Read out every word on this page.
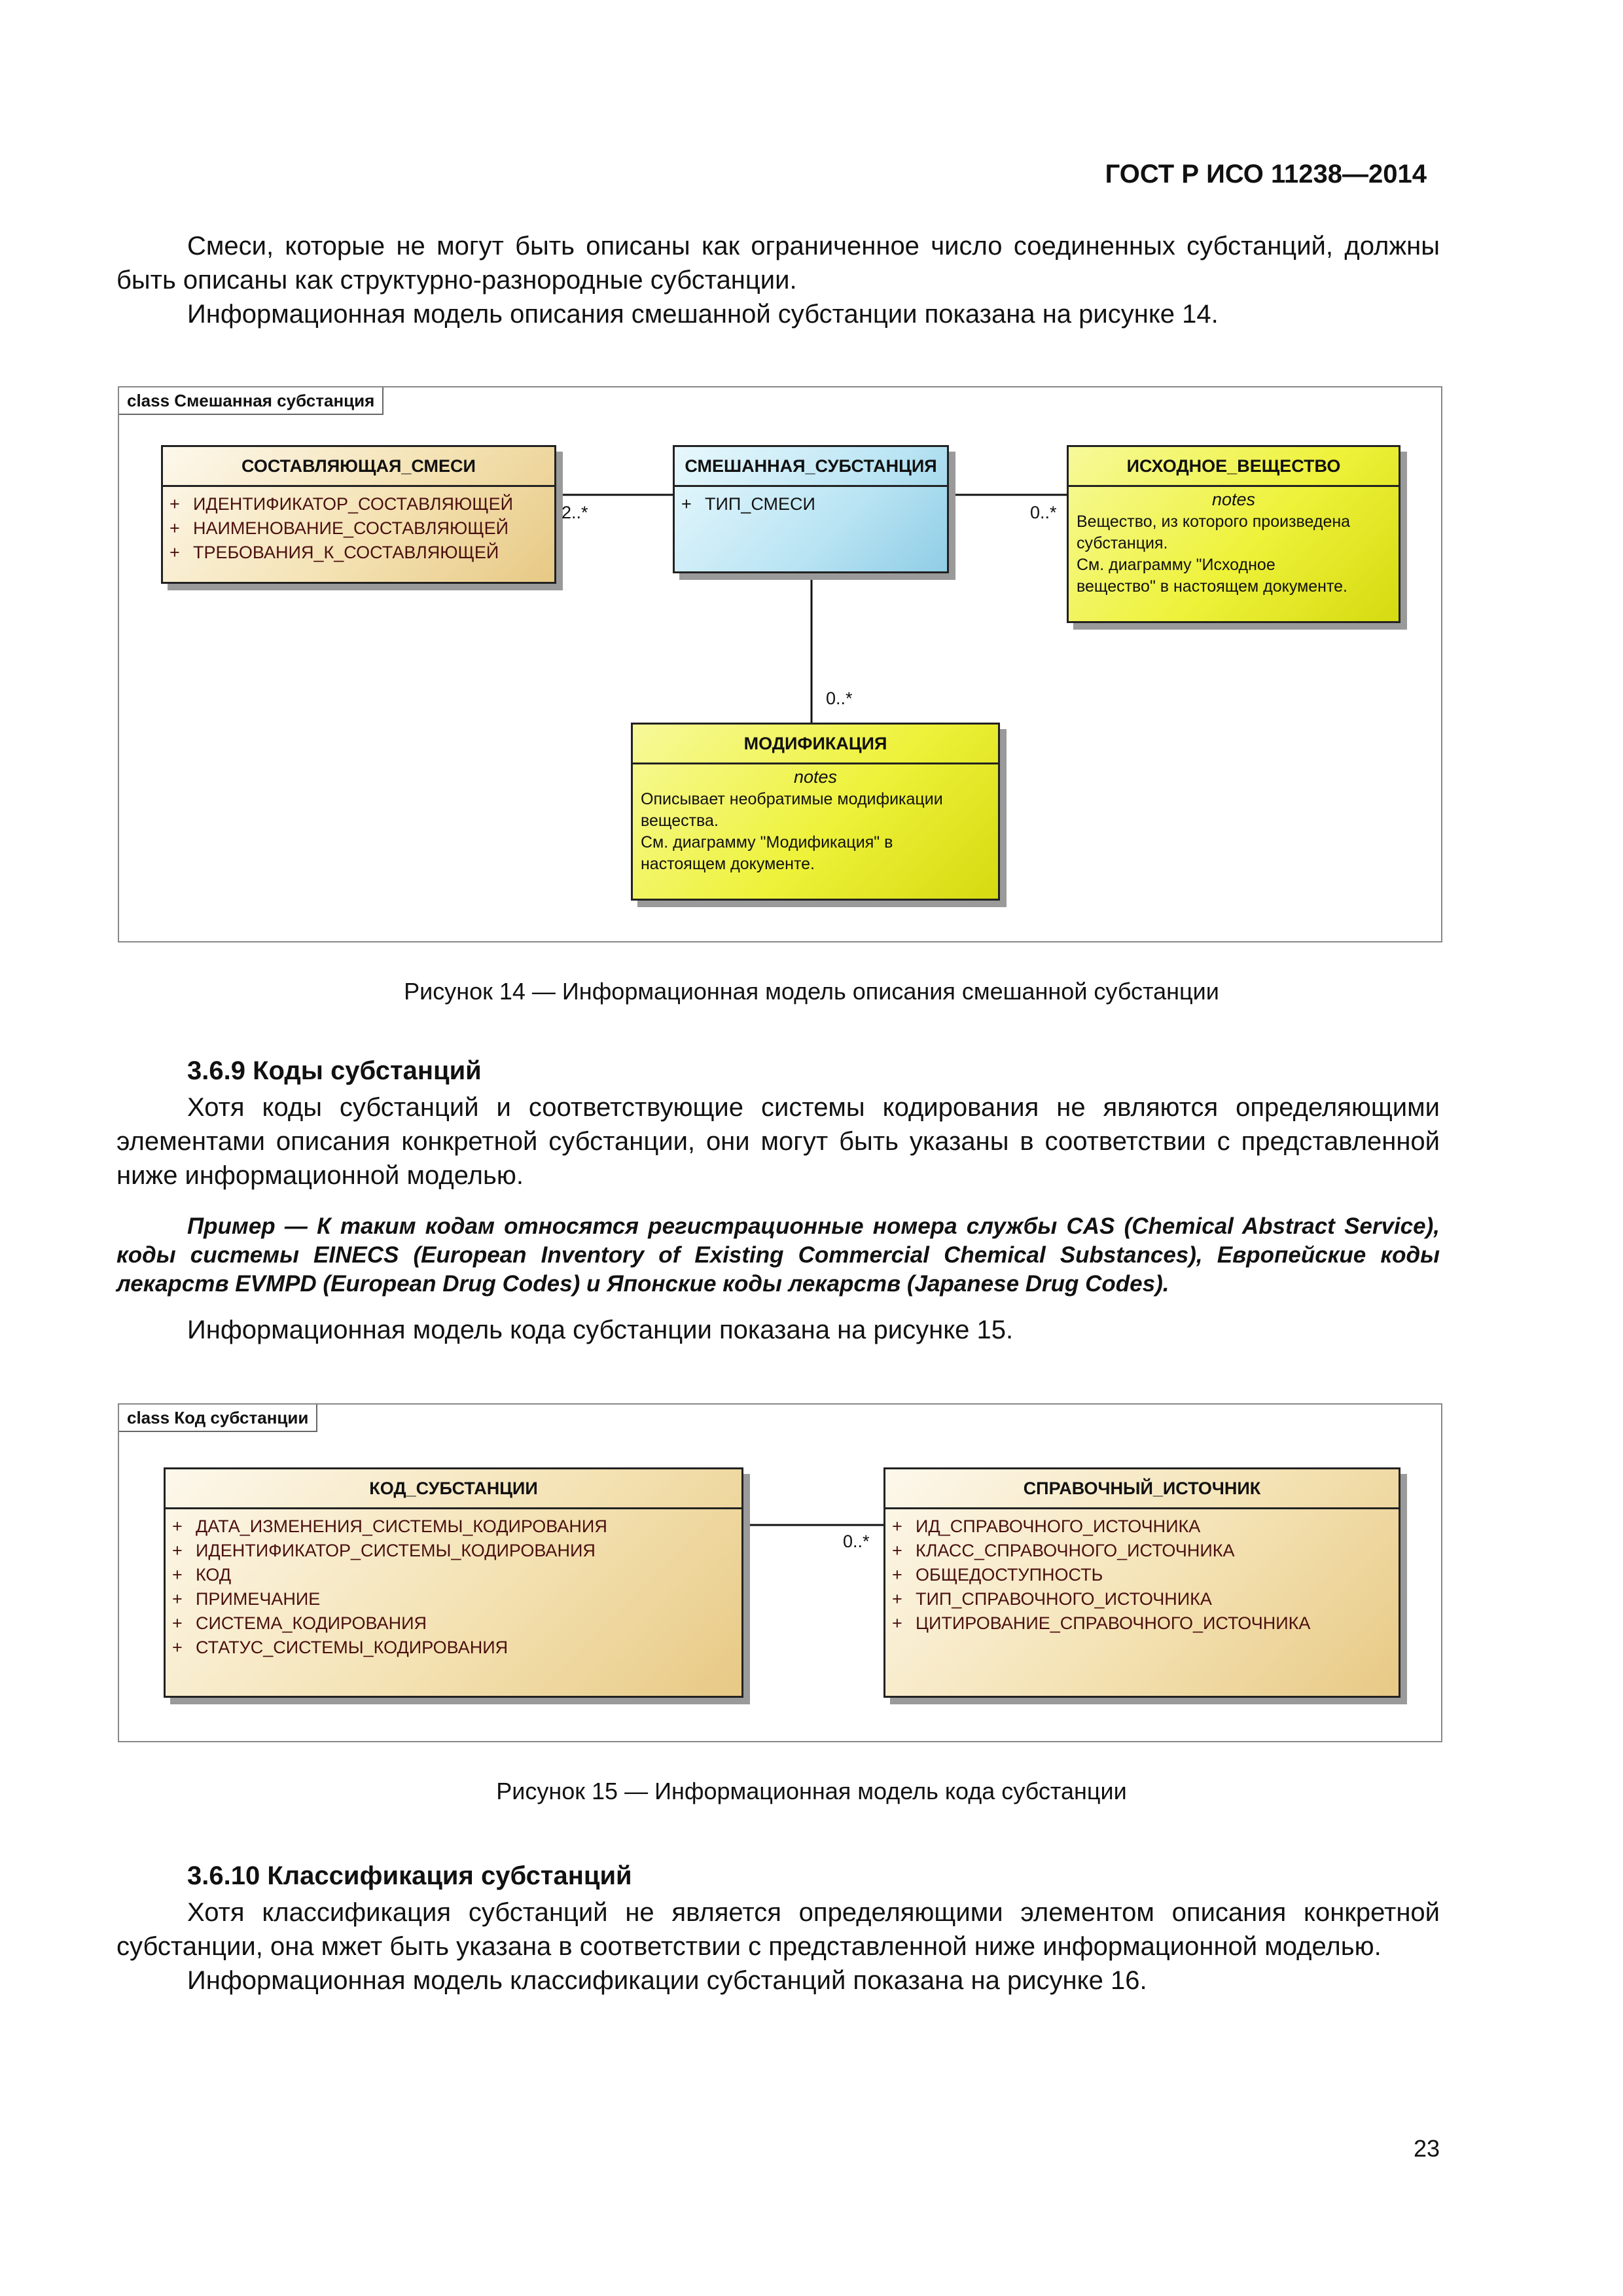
ГОСТ Р ИСО 11238—2014

Смеси, которые не могут быть описаны как ограниченное число соединенных субстанций, должны быть описаны как структурно-разнородные субстанции.

Информационная модель описания смешанной субстанции показана на рисунке 14.

class Смешанная субстанция
СОСТАВЛЯЮЩАЯ_СМЕСИ
+ ИДЕНТИФИКАТОР_СОСТАВЛЯЮЩЕЙ
+ НАИМЕНОВАНИЕ_СОСТАВЛЯЮЩЕЙ
+ ТРЕБОВАНИЯ_К_СОСТАВЛЯЮЩЕЙ
2..*
СМЕШАННАЯ_СУБСТАНЦИЯ
+ ТИП_СМЕСИ
ИСХОДНОЕ_ВЕЩЕСТВО
notes
Вещество, из которого произведена
субстанция.
См. диаграмму "Исходное
вещество" в настоящем документе.
0..*
0..*
МОДИФИКАЦИЯ
notes
Описывает необратимые модификации
вещества.
См. диаграмму "Модификация" в
настоящем документе.
Рисунок 14 — Информационная модель описания смешанной субстанции
3.6.9 Коды субстанций

Хотя коды субстанций и соответствующие системы кодирования не являются определяющими элементами описания конкретной субстанции, они могут быть указаны в соответствии с представленной ниже информационной моделью.

Пример — К таким кодам относятся регистрационные номера службы CAS (Chemical Abstract Service), коды системы EINECS (European Inventory of Existing Commercial Chemical Substances), Европейские коды лекарств EVMPD (European Drug Codes) и Японские коды лекарств (Japanese Drug Codes).

Информационная модель кода субстанции показана на рисунке 15.

class Код субстанции
КОД_СУБСТАНЦИИ
+ ДАТА_ИЗМЕНЕНИЯ_СИСТЕМЫ_КОДИРОВАНИЯ
+ ИДЕНТИФИКАТОР_СИСТЕМЫ_КОДИРОВАНИЯ
+ КОД
+ ПРИМЕЧАНИЕ
+ СИСТЕМА_КОДИРОВАНИЯ
+ СТАТУС_СИСТЕМЫ_КОДИРОВАНИЯ
0..*
СПРАВОЧНЫЙ_ИСТОЧНИК
+ ИД_СПРАВОЧНОГО_ИСТОЧНИКА
+ КЛАСС_СПРАВОЧНОГО_ИСТОЧНИКА
+ ОБЩЕДОСТУПНОСТЬ
+ ТИП_СПРАВОЧНОГО_ИСТОЧНИКА
+ ЦИТИРОВАНИЕ_СПРАВОЧНОГО_ИСТОЧНИКА
Рисунок 15 — Информационная модель кода субстанции
3.6.10 Классификация субстанций

Хотя классификация субстанций не является определяющими элементом описания конкретной субстанции, она мжет быть указана в соответствии с представленной ниже информационной моделью.

Информационная модель классификации субстанций показана на рисунке 16.

23
